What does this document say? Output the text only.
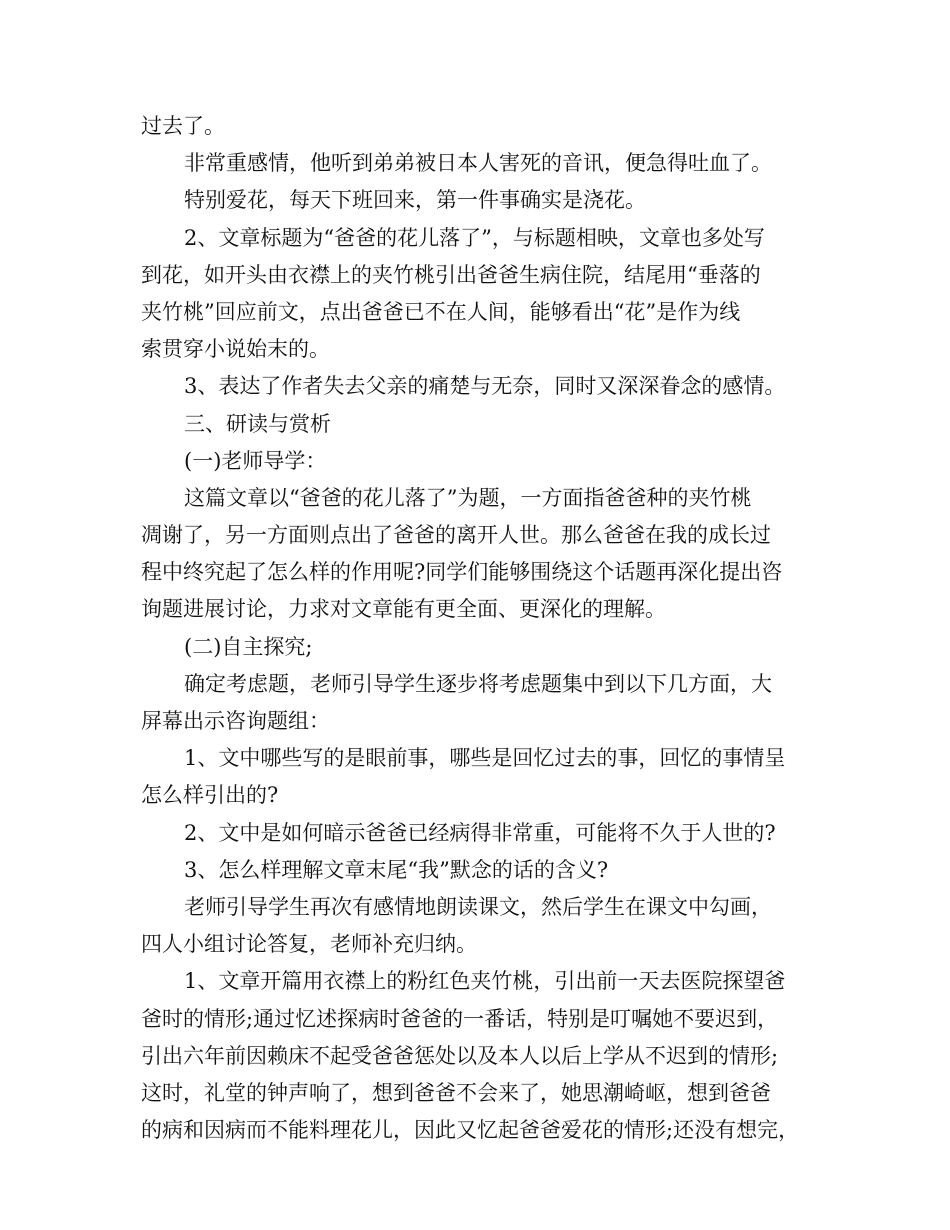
过去了。
非常重感情，他听到弟弟被日本人害死的音讯，便急得吐血了。
特别爱花，每天下班回来，第一件事确实是浇花。
2、文章标题为“爸爸的花儿落了”，与标题相映，文章也多处写
到花，如开头由衣襟上的夹竹桃引出爸爸生病住院，结尾用“垂落的
夹竹桃”回应前文，点出爸爸已不在人间，能够看出“花”是作为线
索贯穿小说始末的。
3、表达了作者失去父亲的痛楚与无奈，同时又深深眷念的感情。
三、研读与赏析
(一)老师导学：
这篇文章以“爸爸的花儿落了”为题，一方面指爸爸种的夹竹桃
凋谢了，另一方面则点出了爸爸的离开人世。那么爸爸在我的成长过
程中终究起了怎么样的作用呢?同学们能够围绕这个话题再深化提出咨
询题进展讨论，力求对文章能有更全面、更深化的理解。
(二)自主探究;
确定考虑题，老师引导学生逐步将考虑题集中到以下几方面，大
屏幕出示咨询题组：
1、文中哪些写的是眼前事，哪些是回忆过去的事，回忆的事情呈
怎么样引出的?
2、文中是如何暗示爸爸已经病得非常重，可能将不久于人世的?
3、怎么样理解文章末尾“我”默念的话的含义?
老师引导学生再次有感情地朗读课文，然后学生在课文中勾画，
四人小组讨论答复，老师补充归纳。
1、文章开篇用衣襟上的粉红色夹竹桃，引出前一天去医院探望爸
爸时的情形;通过忆述探病时爸爸的一番话，特别是叮嘱她不要迟到，
引出六年前因赖床不起受爸爸惩处以及本人以后上学从不迟到的情形;
这时，礼堂的钟声响了，想到爸爸不会来了，她思潮崎岖，想到爸爸
的病和因病而不能料理花儿，因此又忆起爸爸爱花的情形;还没有想完，
